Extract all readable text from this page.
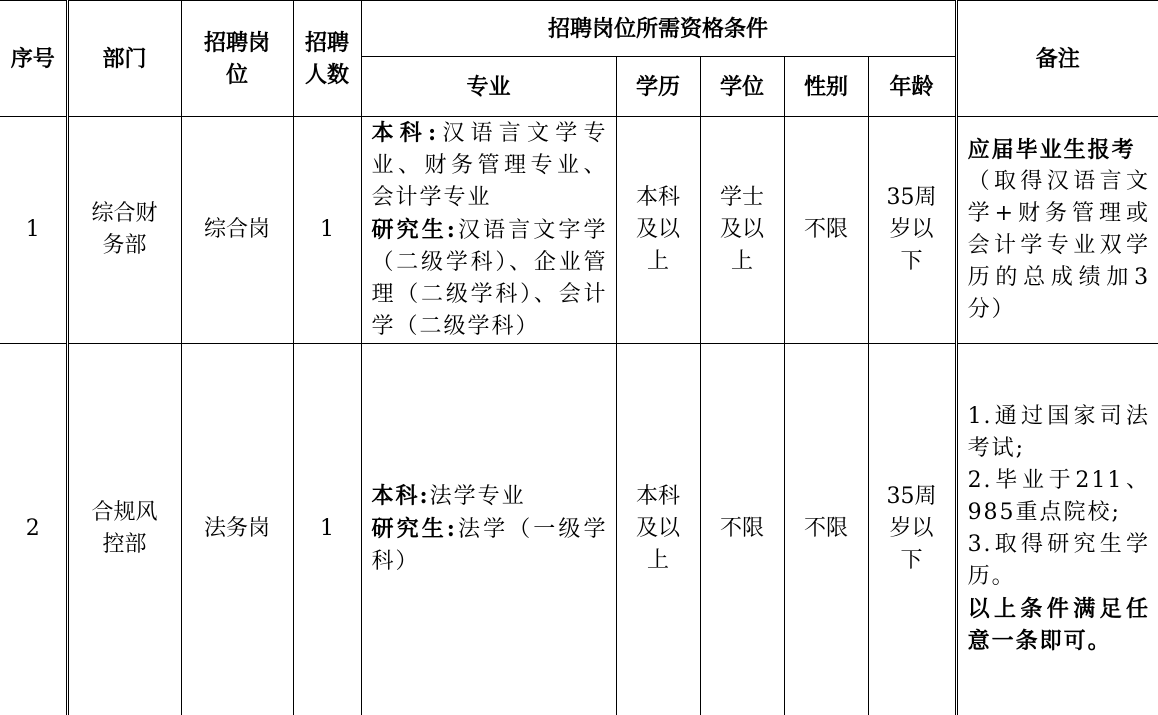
序号	部门	招聘岗位	招聘人数	招聘岗位所需资格条件					备注
				专业	学历	学位	性别	年龄	
1	综合财务部	综合岗	1	本科:汉语言文学专业、财务管理专业、会计学专业
研究生:汉语言文字学（二级学科）、企业管理（二级学科）、会计学（二级学科）	本科及以上	学士及以上	不限	35周岁以下	应届毕业生报考
（取得汉语言文学+财务管理或会计学专业双学历的总成绩加3分）
2	合规风控部	法务岗	1	本科:法学专业
研究生:法学（一级学科）	本科及以上	不限	不限	35周岁以下	1.通过国家司法考试;
2.毕业于211、985重点院校;
3.取得研究生学历。
以上条件满足任意一条即可。
